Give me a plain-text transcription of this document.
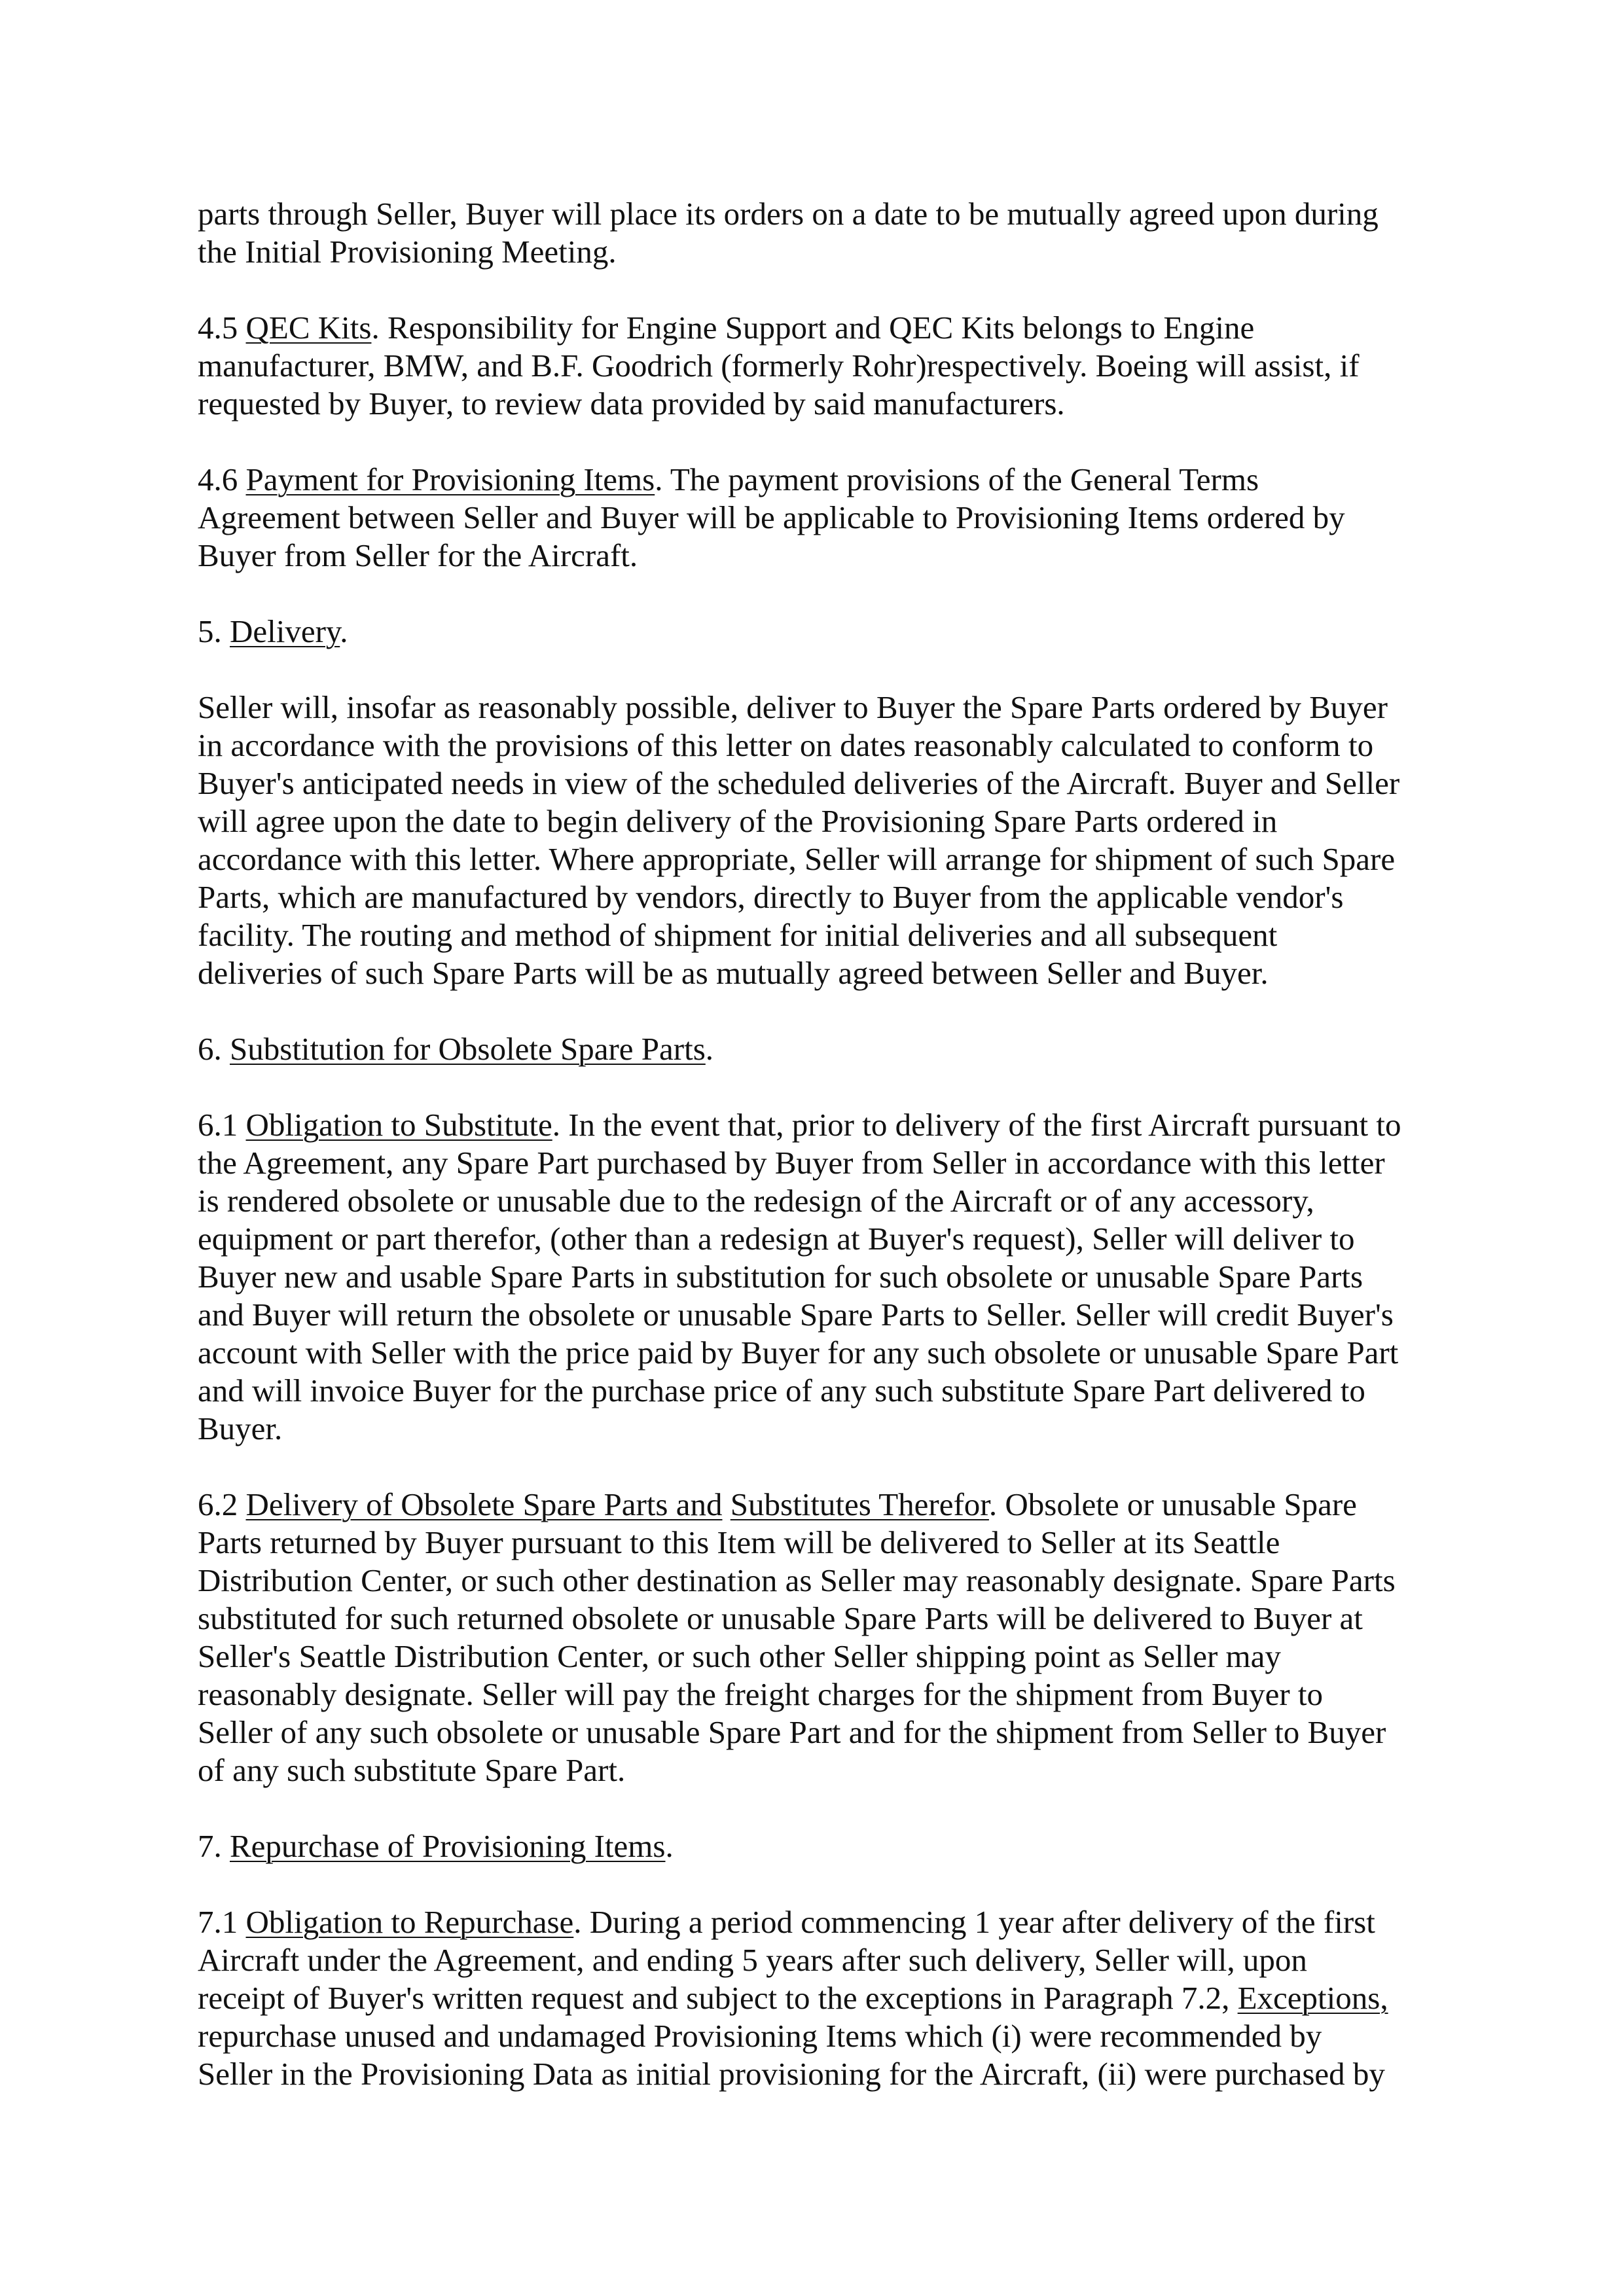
parts through Seller, Buyer will place its orders on a date to be mutually agreed upon during
the Initial Provisioning Meeting.

4.5 QEC Kits. Responsibility for Engine Support and QEC Kits belongs to Engine
manufacturer, BMW, and B.F. Goodrich (formerly Rohr)respectively. Boeing will assist, if
requested by Buyer, to review data provided by said manufacturers.

4.6 Payment for Provisioning Items. The payment provisions of the General Terms
Agreement between Seller and Buyer will be applicable to Provisioning Items ordered by
Buyer from Seller for the Aircraft.

5. Delivery.

Seller will, insofar as reasonably possible, deliver to Buyer the Spare Parts ordered by Buyer
in accordance with the provisions of this letter on dates reasonably calculated to conform to
Buyer's anticipated needs in view of the scheduled deliveries of the Aircraft. Buyer and Seller
will agree upon the date to begin delivery of the Provisioning Spare Parts ordered in
accordance with this letter. Where appropriate, Seller will arrange for shipment of such Spare
Parts, which are manufactured by vendors, directly to Buyer from the applicable vendor's
facility. The routing and method of shipment for initial deliveries and all subsequent
deliveries of such Spare Parts will be as mutually agreed between Seller and Buyer.

6. Substitution for Obsolete Spare Parts.

6.1 Obligation to Substitute. In the event that, prior to delivery of the first Aircraft pursuant to
the Agreement, any Spare Part purchased by Buyer from Seller in accordance with this letter
is rendered obsolete or unusable due to the redesign of the Aircraft or of any accessory,
equipment or part therefor, (other than a redesign at Buyer's request), Seller will deliver to
Buyer new and usable Spare Parts in substitution for such obsolete or unusable Spare Parts
and Buyer will return the obsolete or unusable Spare Parts to Seller. Seller will credit Buyer's
account with Seller with the price paid by Buyer for any such obsolete or unusable Spare Part
and will invoice Buyer for the purchase price of any such substitute Spare Part delivered to
Buyer.

6.2 Delivery of Obsolete Spare Parts and Substitutes Therefor. Obsolete or unusable Spare
Parts returned by Buyer pursuant to this Item will be delivered to Seller at its Seattle
Distribution Center, or such other destination as Seller may reasonably designate. Spare Parts
substituted for such returned obsolete or unusable Spare Parts will be delivered to Buyer at
Seller's Seattle Distribution Center, or such other Seller shipping point as Seller may
reasonably designate. Seller will pay the freight charges for the shipment from Buyer to
Seller of any such obsolete or unusable Spare Part and for the shipment from Seller to Buyer
of any such substitute Spare Part.

7. Repurchase of Provisioning Items.

7.1 Obligation to Repurchase. During a period commencing 1 year after delivery of the first
Aircraft under the Agreement, and ending 5 years after such delivery, Seller will, upon
receipt of Buyer's written request and subject to the exceptions in Paragraph 7.2, Exceptions,
repurchase unused and undamaged Provisioning Items which (i) were recommended by
Seller in the Provisioning Data as initial provisioning for the Aircraft, (ii) were purchased by
